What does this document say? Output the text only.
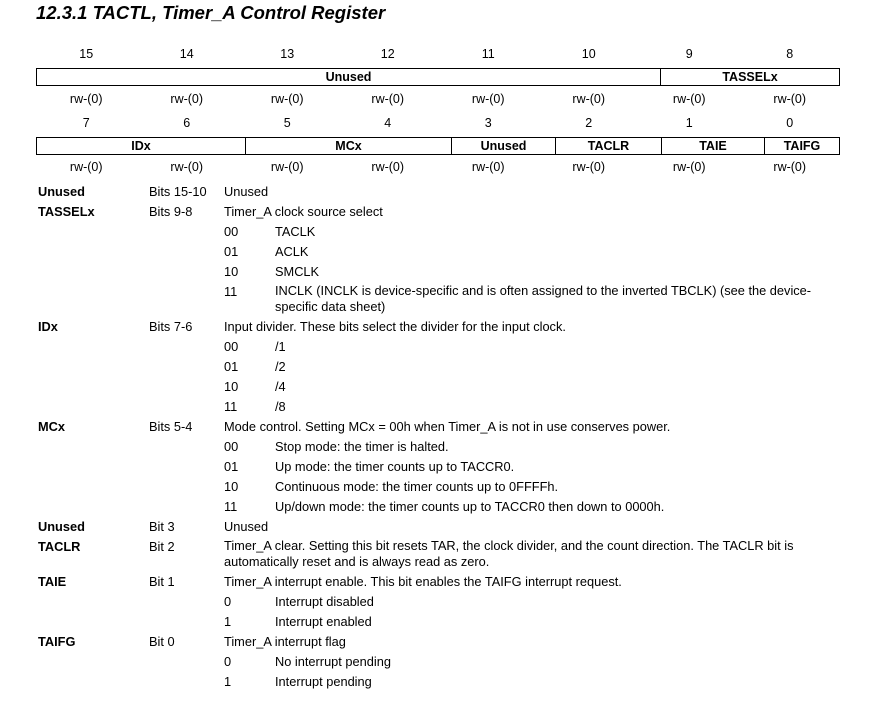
12.3.1 TACTL, Timer_A Control Register
15	14	13	12	11	10	9	8
Unused	TASSELx
rw-(0)	rw-(0)	rw-(0)	rw-(0)	rw-(0)	rw-(0)	rw-(0)	rw-(0)
7	6	5	4	3	2	1	0
IDx	MCx	Unused	TACLR	TAIE	TAIFG
rw-(0)	rw-(0)	rw-(0)	rw-(0)	rw-(0)	rw-(0)	rw-(0)	rw-(0)
Unused	Bits 15-10 Unused
TASSELx	Bits 9-8 Timer_A clock source select
00	TACLK
01	ACLK
10	SMCLK
11	INCLK (INCLK is device-specific and is often assigned to the inverted TBCLK) (see the device-specific data sheet)
IDx	Bits 7-6 Input divider. These bits select the divider for the input clock.
00	/1
01	/2
10	/4
11	/8
MCx	Bits 5-4 Mode control. Setting MCx = 00h when Timer_A is not in use conserves power.
00	Stop mode: the timer is halted.
01	Up mode: the timer counts up to TACCR0.
10	Continuous mode: the timer counts up to 0FFFFh.
11	Up/down mode: the timer counts up to TACCR0 then down to 0000h.
Unused	Bit 3	Unused
TACLR	Bit 2	Timer_A clear. Setting this bit resets TAR, the clock divider, and the count direction. The TACLR bit is automatically reset and is always read as zero.
TAIE	Bit 1	Timer_A interrupt enable. This bit enables the TAIFG interrupt request.
0	Interrupt disabled
1	Interrupt enabled
TAIFG	Bit 0	Timer_A interrupt flag
0	No interrupt pending
1	Interrupt pending
